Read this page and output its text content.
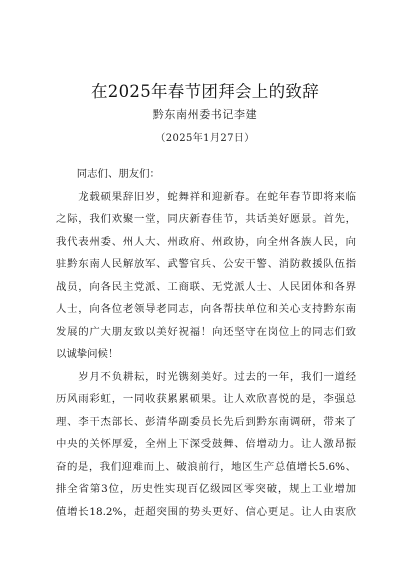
在2025年春节团拜会上的致辞
黔东南州委书记李建
（2025年1月27日）
　　同志们、朋友们：
　　龙载硕果辞旧岁，蛇舞祥和迎新春。在蛇年春节即将来临
之际，我们欢聚一堂，同庆新春佳节，共话美好愿景。首先，
我代表州委、州人大、州政府、州政协，向全州各族人民，向
驻黔东南人民解放军、武警官兵、公安干警、消防救援队伍指
战员，向各民主党派、工商联、无党派人士、人民团体和各界
人士，向各位老领导老同志，向各帮扶单位和关心支持黔东南
发展的广大朋友致以美好祝福！向还坚守在岗位上的同志们致
以诚挚问候！
　　岁月不负耕耘，时光镌刻美好。过去的一年，我们一道经
历风雨彩虹，一同收获累累硕果。让人欢欣喜悦的是，李强总
理、李干杰部长、彭清华副委员长先后到黔东南调研，带来了
中央的关怀厚爱，全州上下深受鼓舞、倍增动力。让人激昂振
奋的是，我们迎难而上、破浪前行，地区生产总值增长5.6%、
排全省第3位，历史性实现百亿级园区零突破，规上工业增加
值增长18.2%，赶超突围的势头更好、信心更足。让人由衷欣
